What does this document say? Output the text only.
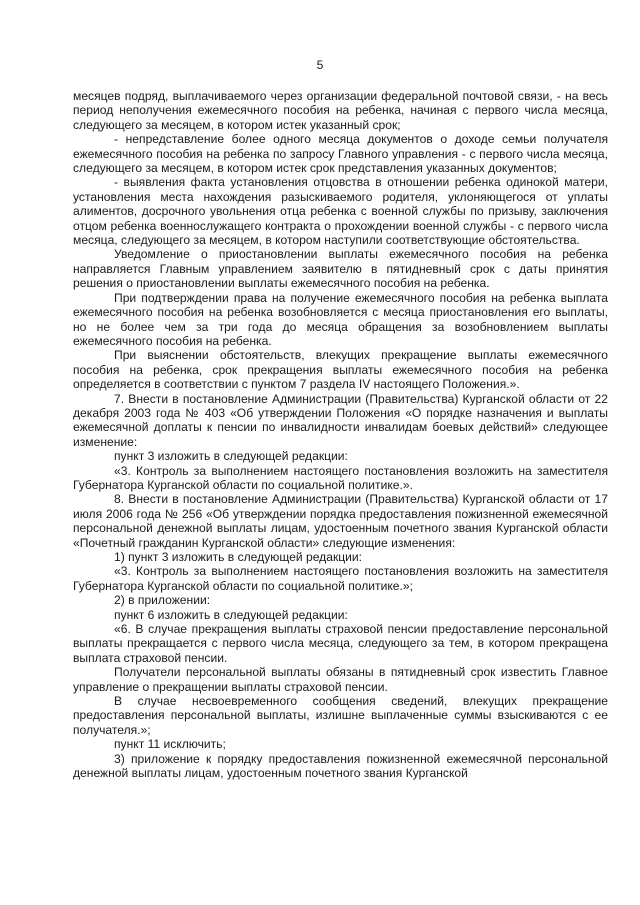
5

месяцев подряд, выплачиваемого через организации федеральной почтовой связи, - на весь период неполучения ежемесячного пособия на ребенка, начиная с первого числа месяца, следующего за месяцем, в котором истек указанный срок;

- непредставление более одного месяца документов о доходе семьи получателя ежемесячного пособия на ребенка по запросу Главного управления - с первого числа месяца, следующего за месяцем, в котором истек срок представления указанных документов;

- выявления факта установления отцовства в отношении ребенка одинокой матери, установления места нахождения разыскиваемого родителя, уклоняющегося от уплаты алиментов, досрочного увольнения отца ребенка с военной службы по призыву, заключения отцом ребенка военнослужащего контракта о прохождении военной службы - с первого числа месяца, следующего за месяцем, в котором наступили соответствующие обстоятельства.

Уведомление о приостановлении выплаты ежемесячного пособия на ребенка направляется Главным управлением заявителю в пятидневный срок с даты принятия решения о приостановлении выплаты ежемесячного пособия на ребенка.

При подтверждении права на получение ежемесячного пособия на ребенка выплата ежемесячного пособия на ребенка возобновляется с месяца приостановления его выплаты, но не более чем за три года до месяца обращения за возобновлением выплаты ежемесячного пособия на ребенка.

При выяснении обстоятельств, влекущих прекращение выплаты ежемесячного пособия на ребенка, срок прекращения выплаты ежемесячного пособия на ребенка определяется в соответствии с пунктом 7 раздела IV настоящего Положения.».

7. Внести в постановление Администрации (Правительства) Курганской области от 22 декабря 2003 года № 403 «Об утверждении Положения «О порядке назначения и выплаты ежемесячной доплаты к пенсии по инвалидности инвалидам боевых действий» следующее изменение:

пункт 3 изложить в следующей редакции:

«3. Контроль за выполнением настоящего постановления возложить на заместителя Губернатора Курганской области по социальной политике.».

8. Внести в постановление Администрации (Правительства) Курганской области от 17 июля 2006 года № 256 «Об утверждении порядка предоставления пожизненной ежемесячной персональной денежной выплаты лицам, удостоенным почетного звания Курганской области «Почетный гражданин Курганской области» следующие изменения:

1) пункт 3 изложить в следующей редакции:

«3. Контроль за выполнением настоящего постановления возложить на заместителя Губернатора Курганской области по социальной политике.»;

2) в приложении:

пункт 6 изложить в следующей редакции:

«6. В случае прекращения выплаты страховой пенсии предоставление персональной выплаты прекращается с первого числа месяца, следующего за тем, в котором прекращена выплата страховой пенсии.

Получатели персональной выплаты обязаны в пятидневный срок известить Главное управление о прекращении выплаты страховой пенсии.

В случае несвоевременного сообщения сведений, влекущих прекращение предоставления персональной выплаты, излишне выплаченные суммы взыскиваются с ее получателя.»;

пункт 11 исключить;

3) приложение к порядку предоставления пожизненной ежемесячной персональной денежной выплаты лицам, удостоенным почетного звания Курганской
